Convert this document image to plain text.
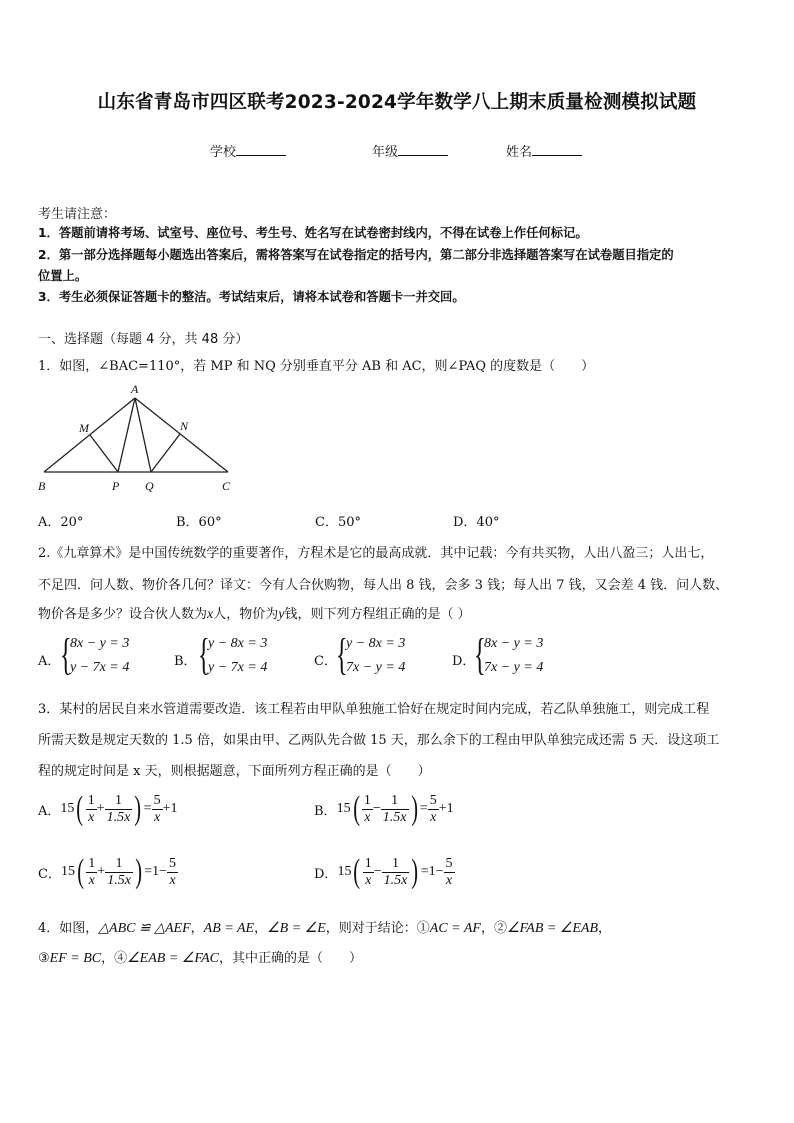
山东省青岛市四区联考2023-2024学年数学八上期末质量检测模拟试题
学校	年级	姓名
考生请注意：
1．答题前请将考场、试室号、座位号、考生号、姓名写在试卷密封线内，不得在试卷上作任何标记。
2．第一部分选择题每小题选出答案后，需将答案写在试卷指定的括号内，第二部分非选择题答案写在试卷题目指定的
位置上。
3．考生必须保证答题卡的整洁。考试结束后，请将本试卷和答题卡一并交回。
一、选择题（每题 4 分，共 48 分）
1．如图，∠BAC=110°，若 MP 和 NQ 分别垂直平分 AB 和 AC，则∠PAQ 的度数是（　　）
A
M	N
B	P Q	C
A．20°	B．60°	C．50°	D．40°
2.《九章算术》是中国传统数学的重要著作，方程术是它的最高成就．其中记载：今有共买物，人出八盈三；人出七，
不足四．问人数、物价各几何？译文：今有人合伙购物，每人出 8 钱，会多 3 钱；每人出 7 钱，又会差 4 钱．问人数、
物价各是多少？设合伙人数为x人，物价为y钱，则下列方程组正确的是（ ）
A． {
8x − y = 3
y − 7x = 4	B． {
y − 8x = 3
y − 7x = 4	C． {
y − 8x = 3
7x − y = 4	D．
{
8x − y = 3
7x − y = 4
3．某村的居民自来水管道需要改造．该工程若由甲队单独施工恰好在规定时间内完成，若乙队单独施工，则完成工程
所需天数是规定天数的 1.5 倍，如果由甲、乙两队先合做 15 天，那么余下的工程由甲队单独完成还需 5 天．设这项工
程的规定时间是 x 天，则根据题意，下面所列方程正确的是（　　）
A． 15 ( $\frac{1}{x} + \frac{1}{1.5x}$ ) = $\frac{5}{x} +1$	B． 15 ( $\frac{1}{x} - \frac{1}{1.5x}$ ) = $\frac{5}{x} +1$
C． 15 ( $\frac{1}{x} + \frac{1}{1.5x}$ ) = $1- \frac{5}{x}$	D． 15 ( $\frac{1}{x} - \frac{1}{1.5x}$ ) = $1- \frac{5}{x}$
4．如图，△ABC ≌ △AEF，AB = AE，∠B = ∠E，则对于结论：①AC = AF，②∠FAB = ∠EAB，
③EF = BC，④∠EAB = ∠FAC，其中正确的是（　　）
